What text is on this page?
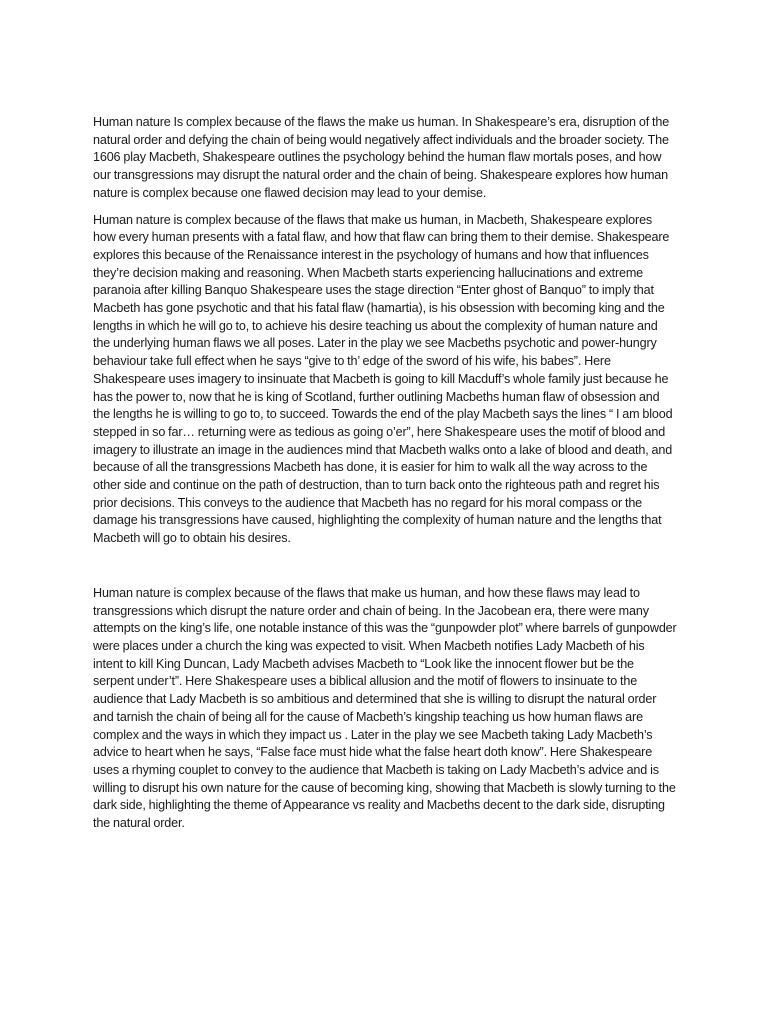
Human nature Is complex because of the flaws the make us human. In Shakespeare’s era, disruption of the natural order and defying the chain of being would negatively affect individuals and the broader society. The 1606 play Macbeth, Shakespeare outlines the psychology behind the human flaw mortals poses, and how our transgressions may disrupt the natural order and the chain of being. Shakespeare explores how human nature is complex because one flawed decision may lead to your demise.

Human nature is complex because of the flaws that make us human, in Macbeth, Shakespeare explores how every human presents with a fatal flaw, and how that flaw can bring them to their demise. Shakespeare explores this because of the Renaissance interest in the psychology of humans and how that influences they’re decision making and reasoning. When Macbeth starts experiencing hallucinations and extreme paranoia after killing Banquo Shakespeare uses the stage direction “Enter ghost of Banquo” to imply that Macbeth has gone psychotic and that his fatal flaw (hamartia), is his obsession with becoming king and the lengths in which he will go to, to achieve his desire teaching us about the complexity of human nature and the underlying human flaws we all poses. Later in the play we see Macbeths psychotic and power-hungry behaviour take full effect when he says “give to th’ edge of the sword of his wife, his babes”. Here Shakespeare uses imagery to insinuate that Macbeth is going to kill Macduff’s whole family just because he has the power to, now that he is king of Scotland, further outlining Macbeths human flaw of obsession and the lengths he is willing to go to, to succeed. Towards the end of the play Macbeth says the lines “ I am blood stepped in so far… returning were as tedious as going o’er”, here Shakespeare uses the motif of blood and imagery to illustrate an image in the audiences mind that Macbeth walks onto a lake of blood and death, and because of all the transgressions Macbeth has done, it is easier for him to walk all the way across to the other side and continue on the path of destruction, than to turn back onto the righteous path and regret his prior decisions. This conveys to the audience that Macbeth has no regard for his moral compass or the damage his transgressions have caused, highlighting the complexity of human nature and the lengths that Macbeth will go to obtain his desires.

Human nature is complex because of the flaws that make us human, and how these flaws may lead to transgressions which disrupt the nature order and chain of being. In the Jacobean era, there were many attempts on the king’s life, one notable instance of this was the “gunpowder plot” where barrels of gunpowder were places under a church the king was expected to visit. When Macbeth notifies Lady Macbeth of his intent to kill King Duncan, Lady Macbeth advises Macbeth to “Look like the innocent flower but be the serpent under’t”. Here Shakespeare uses a biblical allusion and the motif of flowers to insinuate to the audience that Lady Macbeth is so ambitious and determined that she is willing to disrupt the natural order and tarnish the chain of being all for the cause of Macbeth’s kingship teaching us how human flaws are complex and the ways in which they impact us . Later in the play we see Macbeth taking Lady Macbeth’s advice to heart when he says, “False face must hide what the false heart doth know”. Here Shakespeare uses a rhyming couplet to convey to the audience that Macbeth is taking on Lady Macbeth’s advice and is willing to disrupt his own nature for the cause of becoming king, showing that Macbeth is slowly turning to the dark side, highlighting the theme of Appearance vs reality and Macbeths decent to the dark side, disrupting the natural order.
